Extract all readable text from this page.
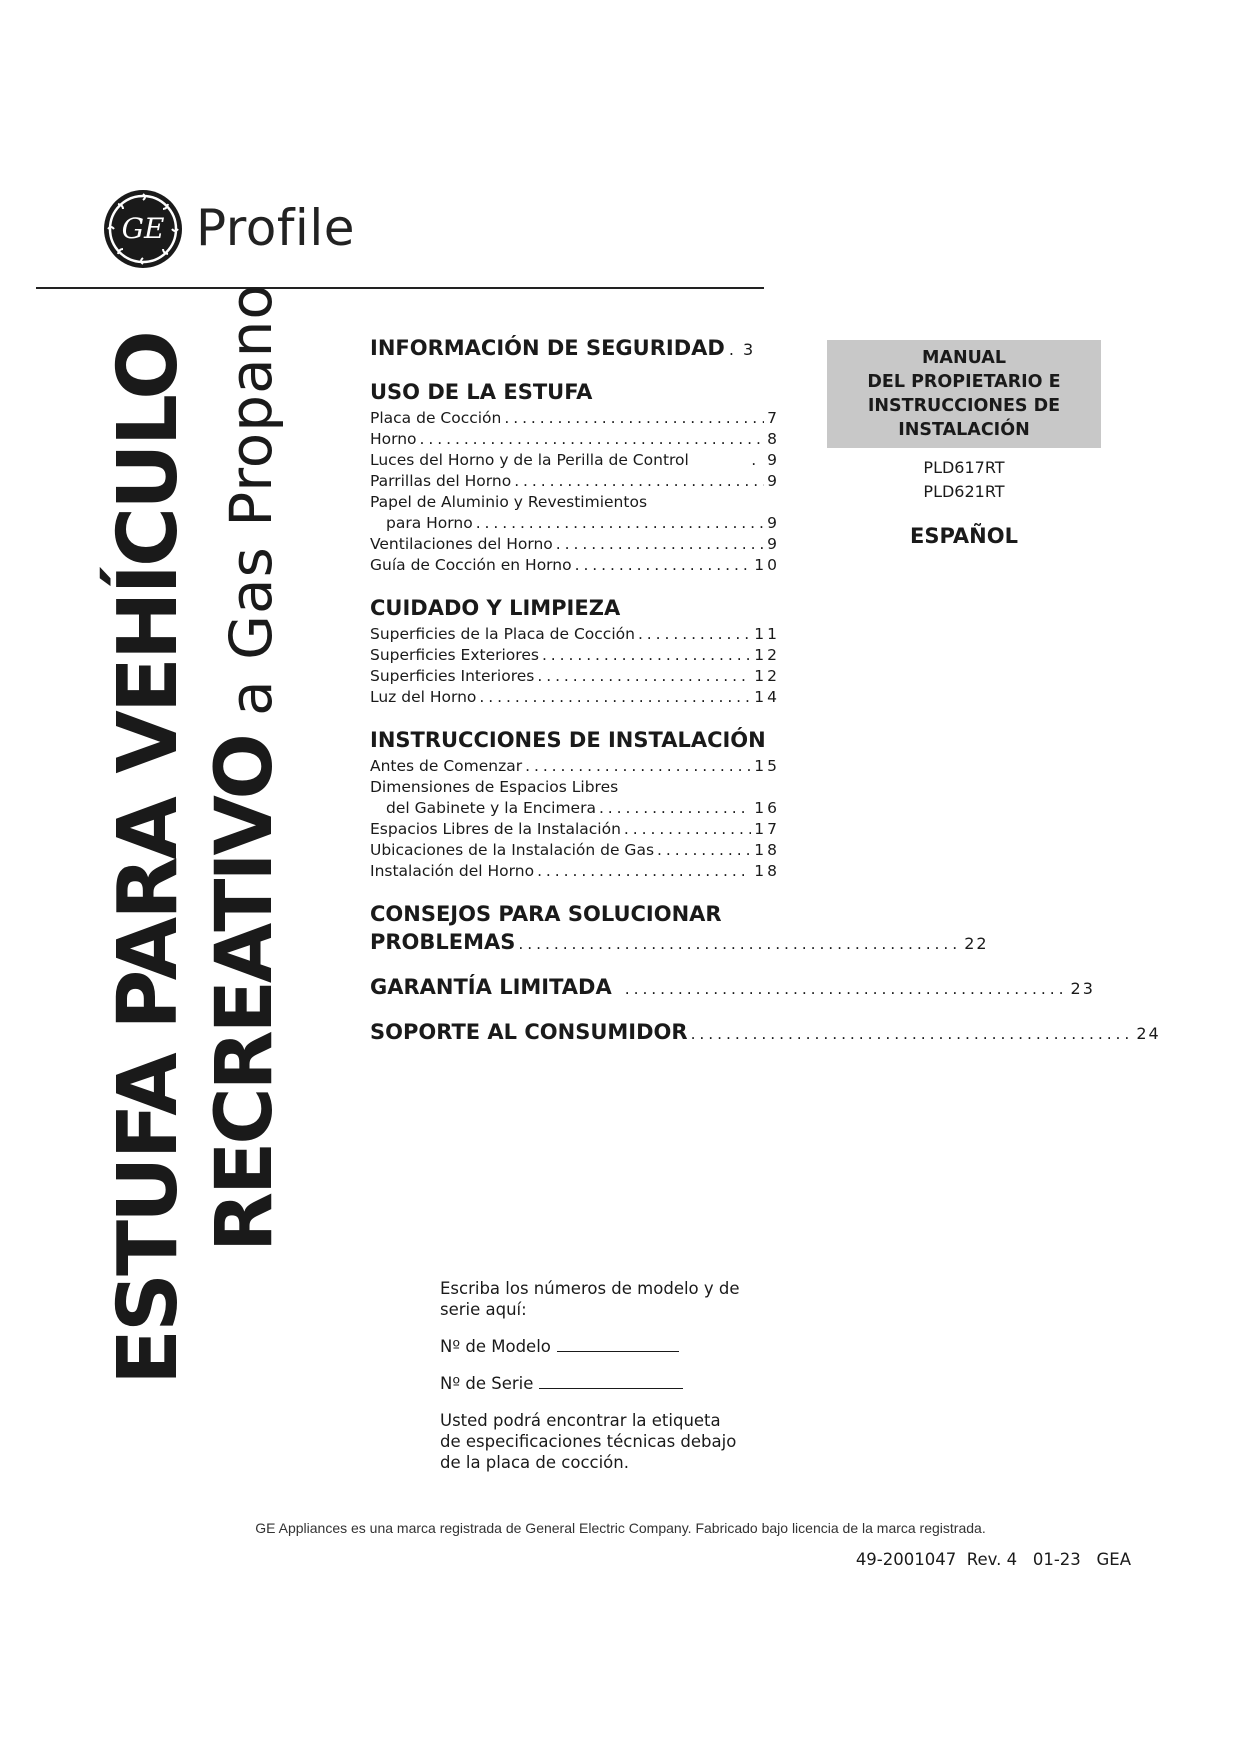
GE Profile
ESTUFA PARA VEHÍCULO RECREATIVO a Gas Propano	INFORMACIÓN DE SEGURIDAD . 3
USO DE LA ESTUFA
Placa de Cocción . . .	7
Horno . . .	8
Luces del Horno y de la Perilla de Control	. 9
Parrillas del Horno . . .	9
Papel de Aluminio y Revestimientos
para Horno . . .	9
Ventilaciones del Horno . . .	9
Guía de Cocción en Horno . . .	10
CUIDADO Y LIMPIEZA
Superficies de la Placa de Cocción . . .	11
Superficies Exteriores . . .	12
Superficies Interiores . . .	12
Luz del Horno . . .	14
INSTRUCCIONES DE INSTALACIÓN
Antes de Comenzar . . .	15
Dimensiones de Espacios Libres
del Gabinete y la Encimera . . .	16
Espacios Libres de la Instalación . . .	17
Ubicaciones de la Instalación de Gas . . .	18
Instalación del Horno . . .	18
CONSEJOS PARA SOLUCIONAR
PROBLEMAS . . .	22
GARANTÍA LIMITADA . . .	23
SOPORTE AL CONSUMIDOR . . .	24
MANUAL
DEL PROPIETARIO E
INSTRUCCIONES DE
INSTALACIÓN
PLD617RT
PLD621RT
ESPAÑOL
Escriba los números de modelo y de serie aquí:
Nº de Modelo
Nº de Serie
Usted podrá encontrar la etiqueta de especificaciones técnicas debajo de la placa de cocción.
GE Appliances es una marca registrada de General Electric Company. Fabricado bajo licencia de la marca registrada.
49-2001047  Rev. 4   01-23   GEA
